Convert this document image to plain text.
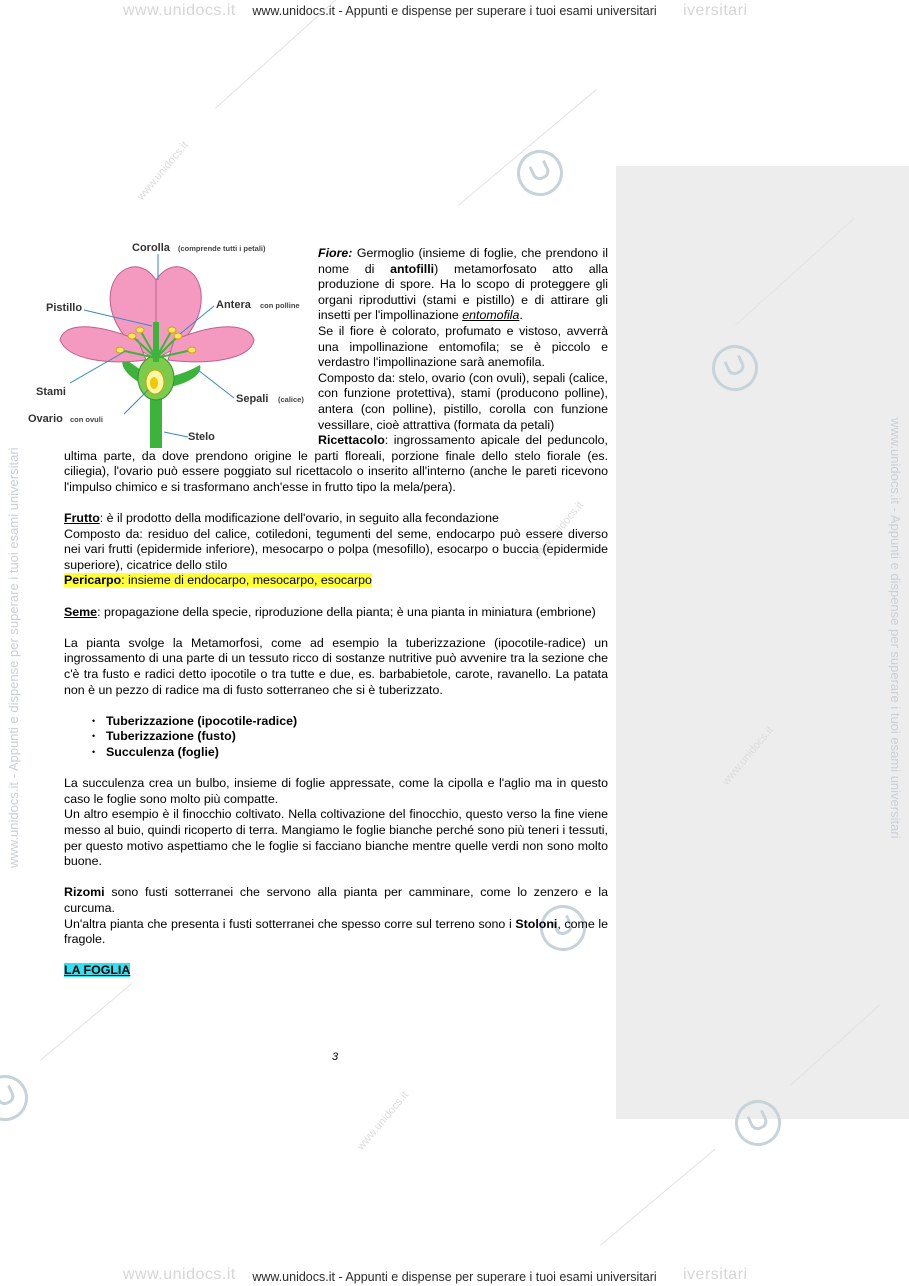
www.unidocs.it - Appunti e dispense per superare i tuoi esami universitari
www.unidocs.it	iversitari
www.unidocs.it - Appunti e dispense per superare i tuoi esami universitari
www.unidocs.it	iversitari
www.unidocs.it - Appunti e dispense per superare i tuoi esami universitari	www.unidocs.it - Appunti e dispense per superare i tuoi esami universitari
www.unidocs.it
www.unidocs.it
www.unidocs.it
www.unidocs.it
Corolla (comprende tutti i petali)
Pistillo	Antera con polline
Stami
Sepali (calice)
Ovario con ovuli
Stelo

Fiore: Germoglio (insieme di foglie, che prendono il nome di antofilli) metamorfosato atto alla produzione di spore. Ha lo scopo di proteggere gli organi riproduttivi (stami e pistillo) e di attirare gli insetti per l'impollinazione entomofila.

Se il fiore è colorato, profumato e vistoso, avverrà una impollinazione entomofila; se è piccolo e verdastro l'impollinazione sarà anemofila.

Composto da: stelo, ovario (con ovuli), sepali (calice, con funzione protettiva), stami (producono polline), antera (con polline), pistillo, corolla con funzione vessillare, cioè attrattiva (formata da petali)

Ricettacolo: ingrossamento apicale del peduncolo, ultima parte, da dove prendono origine le parti floreali, porzione finale dello stelo fiorale (es. ciliegia), l'ovario può essere poggiato sul ricettacolo o inserito all'interno (anche le pareti ricevono l'impulso chimico e si trasformano anch'esse in frutto tipo la mela/pera).

Frutto: è il prodotto della modificazione dell'ovario, in seguito alla fecondazione

Composto da: residuo del calice, cotiledoni, tegumenti del seme, endocarpo può essere diverso nei vari frutti (epidermide inferiore), mesocarpo o polpa (mesofillo), esocarpo o buccia (epidermide superiore), cicatrice dello stilo

Pericarpo: insieme di endocarpo, mesocarpo, esocarpo

Seme: propagazione della specie, riproduzione della pianta; è una pianta in miniatura (embrione)

La pianta svolge la Metamorfosi, come ad esempio la tuberizzazione (ipocotile-radice) un ingrossamento di una parte di un tessuto ricco di sostanze nutritive può avvenire tra la sezione che c'è tra fusto e radici detto ipocotile o tra tutte e due, es. barbabietole, carote, ravanello. La patata non è un pezzo di radice ma di fusto sotterraneo che si è tuberizzato.

• Tuberizzazione (ipocotile-radice)
• Tuberizzazione (fusto)
• Succulenza (foglie)

La succulenza crea un bulbo, insieme di foglie appressate, come la cipolla e l'aglio ma in questo caso le foglie sono molto più compatte.

Un altro esempio è il finocchio coltivato. Nella coltivazione del finocchio, questo verso la fine viene messo al buio, quindi ricoperto di terra. Mangiamo le foglie bianche perché sono più teneri i tessuti, per questo motivo aspettiamo che le foglie si facciano bianche mentre quelle verdi non sono molto buone.

Rizomi sono fusti sotterranei che servono alla pianta per camminare, come lo zenzero e la curcuma.

Un'altra pianta che presenta i fusti sotterranei che spesso corre sul terreno sono i Stoloni, come le fragole.

LA FOGLIA

3
